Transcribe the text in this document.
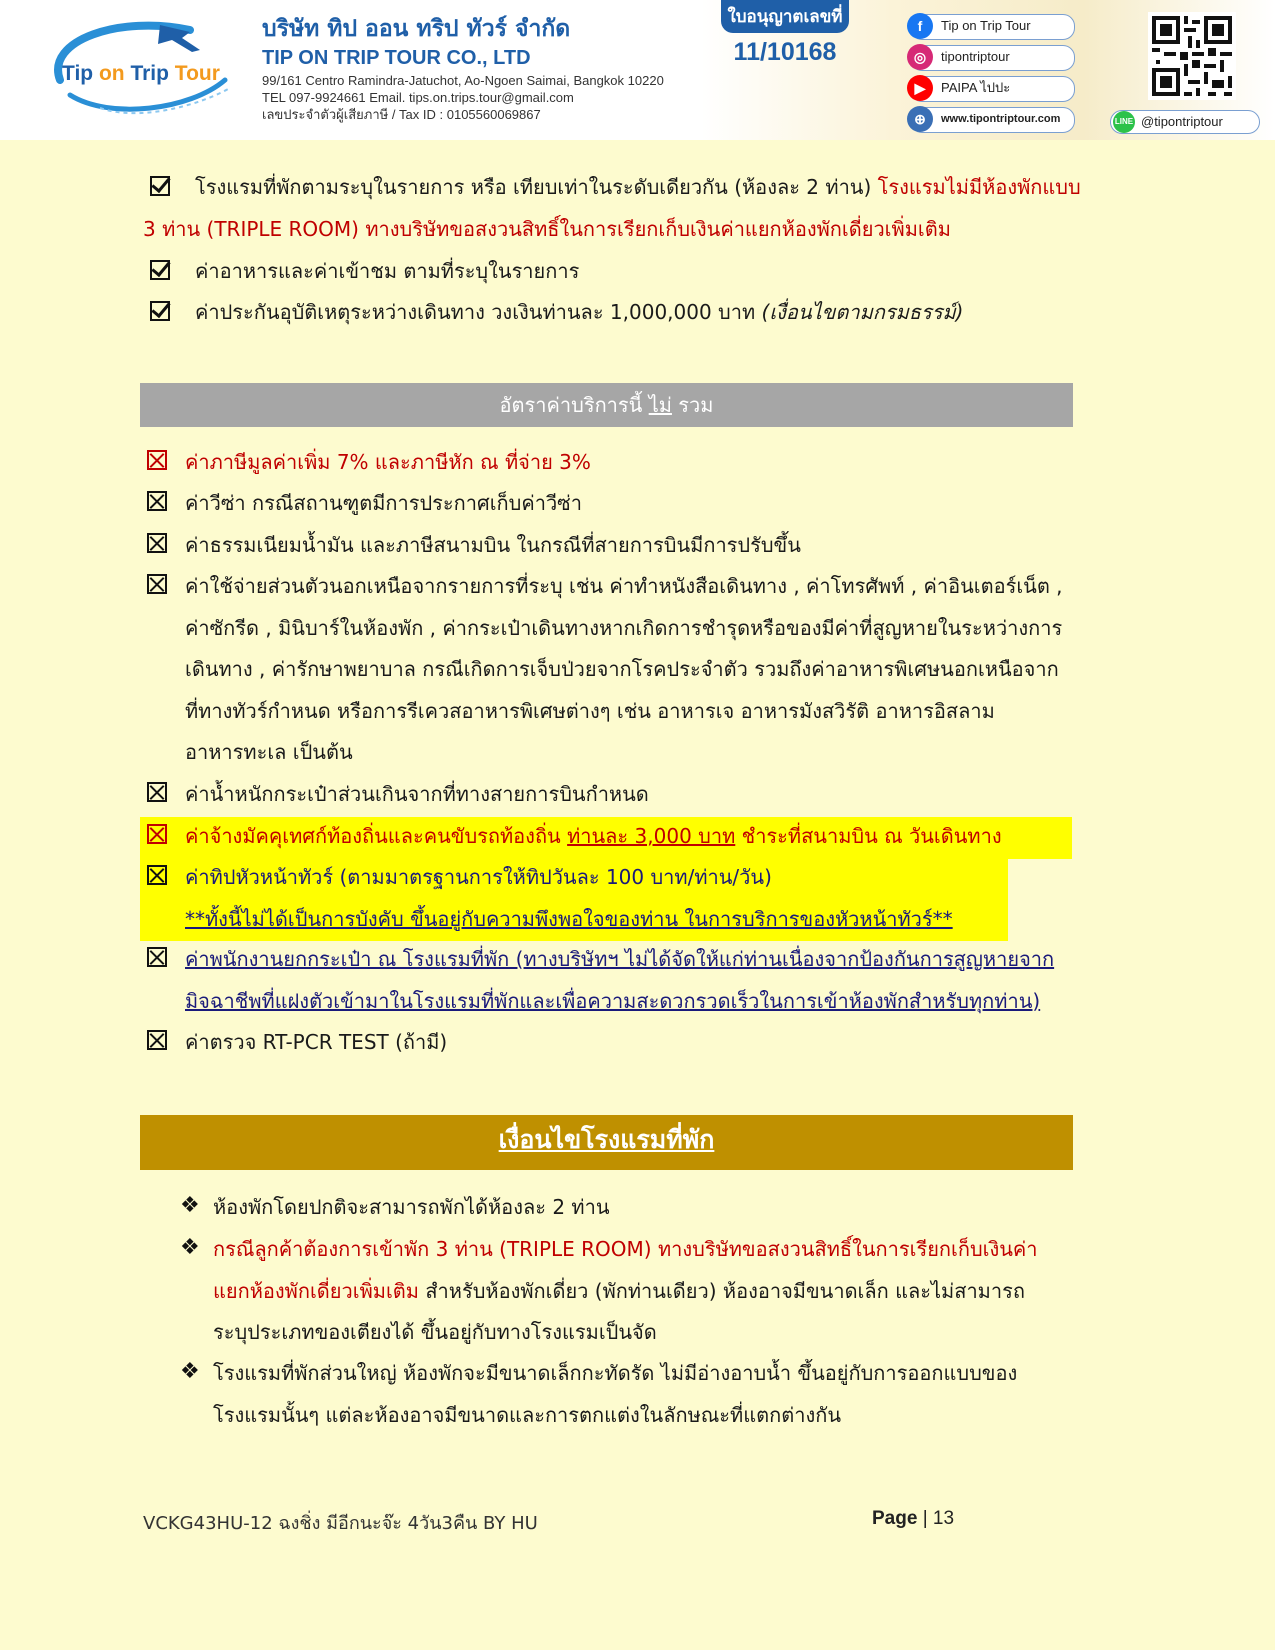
Tip on Trip Tour
บริษัท ทิป ออน ทริป ทัวร์ จำกัด
TIP ON TRIP TOUR CO., LTD
99/161 Centro Ramindra-Jatuchot, Ao-Ngoen Saimai, Bangkok 10220
TEL 097-9924661 Email. tips.on.trips.tour@gmail.com
เลขประจำตัวผู้เสียภาษี / Tax ID : 0105560069867
ใบอนุญาตเลขที่
11/10168
f	Tip on Trip Tour
◎	tipontriptour
▶	PAIPA ไปปะ
⊕	www.tipontriptour.com	LINE @tipontriptour
โรงแรมที่พักตามระบุในรายการ หรือ เทียบเท่าในระดับเดียวกัน (ห้องละ 2 ท่าน) โรงแรมไม่มีห้องพักแบบ
3 ท่าน (TRIPLE ROOM) ทางบริษัทขอสงวนสิทธิ์ในการเรียกเก็บเงินค่าแยกห้องพักเดี่ยวเพิ่มเติม
ค่าอาหารและค่าเข้าชม ตามที่ระบุในรายการ
ค่าประกันอุบัติเหตุระหว่างเดินทาง วงเงินท่านละ 1,000,000 บาท (เงื่อนไขตามกรมธรรม์)
ค่าภาษีมูลค่าเพิ่ม 7% และภาษีหัก ณ ที่จ่าย 3%
ค่าวีซ่า กรณีสถานฑูตมีการประกาศเก็บค่าวีซ่า
ค่าธรรมเนียมน้ำมัน และภาษีสนามบิน ในกรณีที่สายการบินมีการปรับขึ้น
ค่าใช้จ่ายส่วนตัวนอกเหนือจากรายการที่ระบุ เช่น ค่าทำหนังสือเดินทาง , ค่าโทรศัพท์ , ค่าอินเตอร์เน็ต ,
ค่าซักรีด , มินิบาร์ในห้องพัก , ค่ากระเป๋าเดินทางหากเกิดการชำรุดหรือของมีค่าที่สูญหายในระหว่างการ
เดินทาง , ค่ารักษาพยาบาล กรณีเกิดการเจ็บป่วยจากโรคประจำตัว รวมถึงค่าอาหารพิเศษนอกเหนือจาก
ที่ทางทัวร์กำหนด หรือการรีเควสอาหารพิเศษต่างๆ เช่น อาหารเจ อาหารมังสวิรัติ อาหารอิสลาม
อาหารทะเล เป็นต้น
ค่าน้ำหนักกระเป๋าส่วนเกินจากที่ทางสายการบินกำหนด
ค่าจ้างมัคคุเทศก์ท้องถิ่นและคนขับรถท้องถิ่น ท่านละ 3,000 บาท ชำระที่สนามบิน ณ วันเดินทาง
ค่าทิปหัวหน้าทัวร์ (ตามมาตรฐานการให้ทิปวันละ 100 บาท/ท่าน/วัน)
**ทั้งนี้ไม่ได้เป็นการบังคับ ขึ้นอยู่กับความพึงพอใจของท่าน ในการบริการของหัวหน้าทัวร์**
ค่าพนักงานยกกระเป๋า ณ โรงแรมที่พัก (ทางบริษัทฯ ไม่ได้จัดให้แก่ท่านเนื่องจากป้องกันการสูญหายจาก
มิจฉาชีพที่แฝงตัวเข้ามาในโรงแรมที่พักและเพื่อความสะดวกรวดเร็วในการเข้าห้องพักสำหรับทุกท่าน)
ค่าตรวจ RT-PCR TEST (ถ้ามี)
❖ ห้องพักโดยปกติจะสามารถพักได้ห้องละ 2 ท่าน
❖ กรณีลูกค้าต้องการเข้าพัก 3 ท่าน (TRIPLE ROOM) ทางบริษัทขอสงวนสิทธิ์ในการเรียกเก็บเงินค่า
แยกห้องพักเดี่ยวเพิ่มเติม สำหรับห้องพักเดี่ยว (พักท่านเดียว) ห้องอาจมีขนาดเล็ก และไม่สามารถ
ระบุประเภทของเตียงได้ ขึ้นอยู่กับทางโรงแรมเป็นจัด
❖ โรงแรมที่พักส่วนใหญ่ ห้องพักจะมีขนาดเล็กกะทัดรัด ไม่มีอ่างอาบน้ำ ขึ้นอยู่กับการออกแบบของ
โรงแรมนั้นๆ แต่ละห้องอาจมีขนาดและการตกแต่งในลักษณะที่แตกต่างกัน
อัตราค่าบริการนี้ ไม่ รวม
เงื่อนไขโรงแรมที่พัก
VCKG43HU-12 ฉงชิ่ง มีอีกนะจ๊ะ 4วัน3คืน BY HU	Page | 13
